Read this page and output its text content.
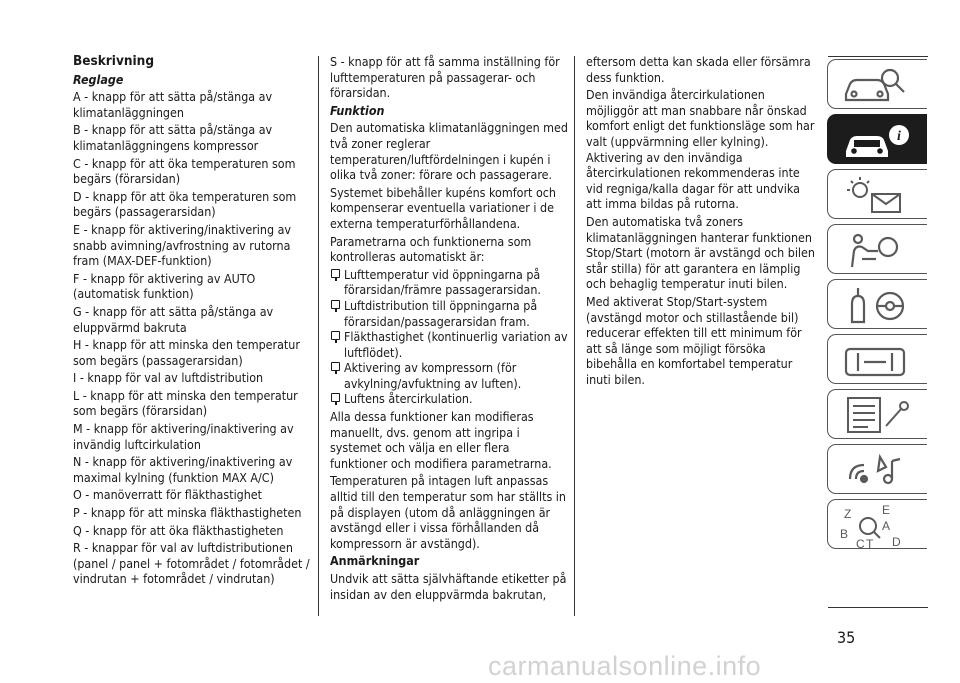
Beskrivning

Reglage

A - knapp för att sätta på/stänga av klimatanläggningen

B - knapp för att sätta på/stänga av klimatanläggningens kompressor

C - knapp för att öka temperaturen som begärs (förarsidan)

D - knapp för att öka temperaturen som begärs (passagerarsidan)

E - knapp för aktivering/inaktivering av snabb avimning/avfrostning av rutorna fram (MAX-DEF-funktion)

F - knapp för aktivering av AUTO (automatisk funktion)

G - knapp för att sätta på/stänga av eluppvärmd bakruta

H - knapp för att minska den temperatur som begärs (passagerarsidan)

I - knapp för val av luftdistribution

L - knapp för att minska den temperatur som begärs (förarsidan)

M - knapp för aktivering/inaktivering av invändig luftcirkulation

N - knapp för aktivering/inaktivering av maximal kylning (funktion MAX A/C)

O - manöverratt för fläkthastighet

P - knapp för att minska fläkthastigheten

Q - knapp för att öka fläkthastigheten

R - knappar för val av luftdistributionen (panel / panel + fotområdet / fotområdet / vindrutan + fotområdet / vindrutan)

S - knapp för att få samma inställning för lufttemperaturen på passagerar- och förarsidan.

Funktion

Den automatiska klimatanläggningen med två zoner reglerar temperaturen/luftfördelningen i kupén i olika två zoner: förare och passagerare.

Systemet bibehåller kupéns komfort och kompenserar eventuella variationer i de externa temperaturförhållandena.

Parametrarna och funktionerna som kontrolleras automatiskt är:

Lufttemperatur vid öppningarna på förarsidan/främre passagerarsidan.
Luftdistribution till öppningarna på förarsidan/passagerarsidan fram.
Fläkthastighet (kontinuerlig variation av luftflödet).
Aktivering av kompressorn (för avkylning/avfuktning av luften).
Luftens återcirkulation.

Alla dessa funktioner kan modifieras manuellt, dvs. genom att ingripa i systemet och välja en eller flera funktioner och modifiera parametrarna.

Temperaturen på intagen luft anpassas alltid till den temperatur som har ställts in på displayen (utom då anläggningen är avstängd eller i vissa förhållanden då kompressorn är avstängd).

Anmärkningar

Undvik att sätta självhäftande etiketter på insidan av den eluppvärmda bakrutan,

eftersom detta kan skada eller försämra dess funktion.

Den invändiga återcirkulationen möjliggör att man snabbare når önskad komfort enligt det funktionsläge som har valt (uppvärmning eller kylning). Aktivering av den invändiga återcirkulationen rekommenderas inte vid regniga/kalla dagar för att undvika att imma bildas på rutorna.

Den automatiska två zoners klimatanläggningen hanterar funktionen Stop/Start (motorn är avstängd och bilen står stilla) för att garantera en lämplig och behaglig temperatur inuti bilen.

Med aktiverat Stop/Start-system (avstängd motor och stillastående bil) reducerar effekten till ett minimum för att så länge som möjligt försöka bibehålla en komfortabel temperatur inuti bilen.

i
Z	E
A
B
C T D
35
carmanualsonline.info
